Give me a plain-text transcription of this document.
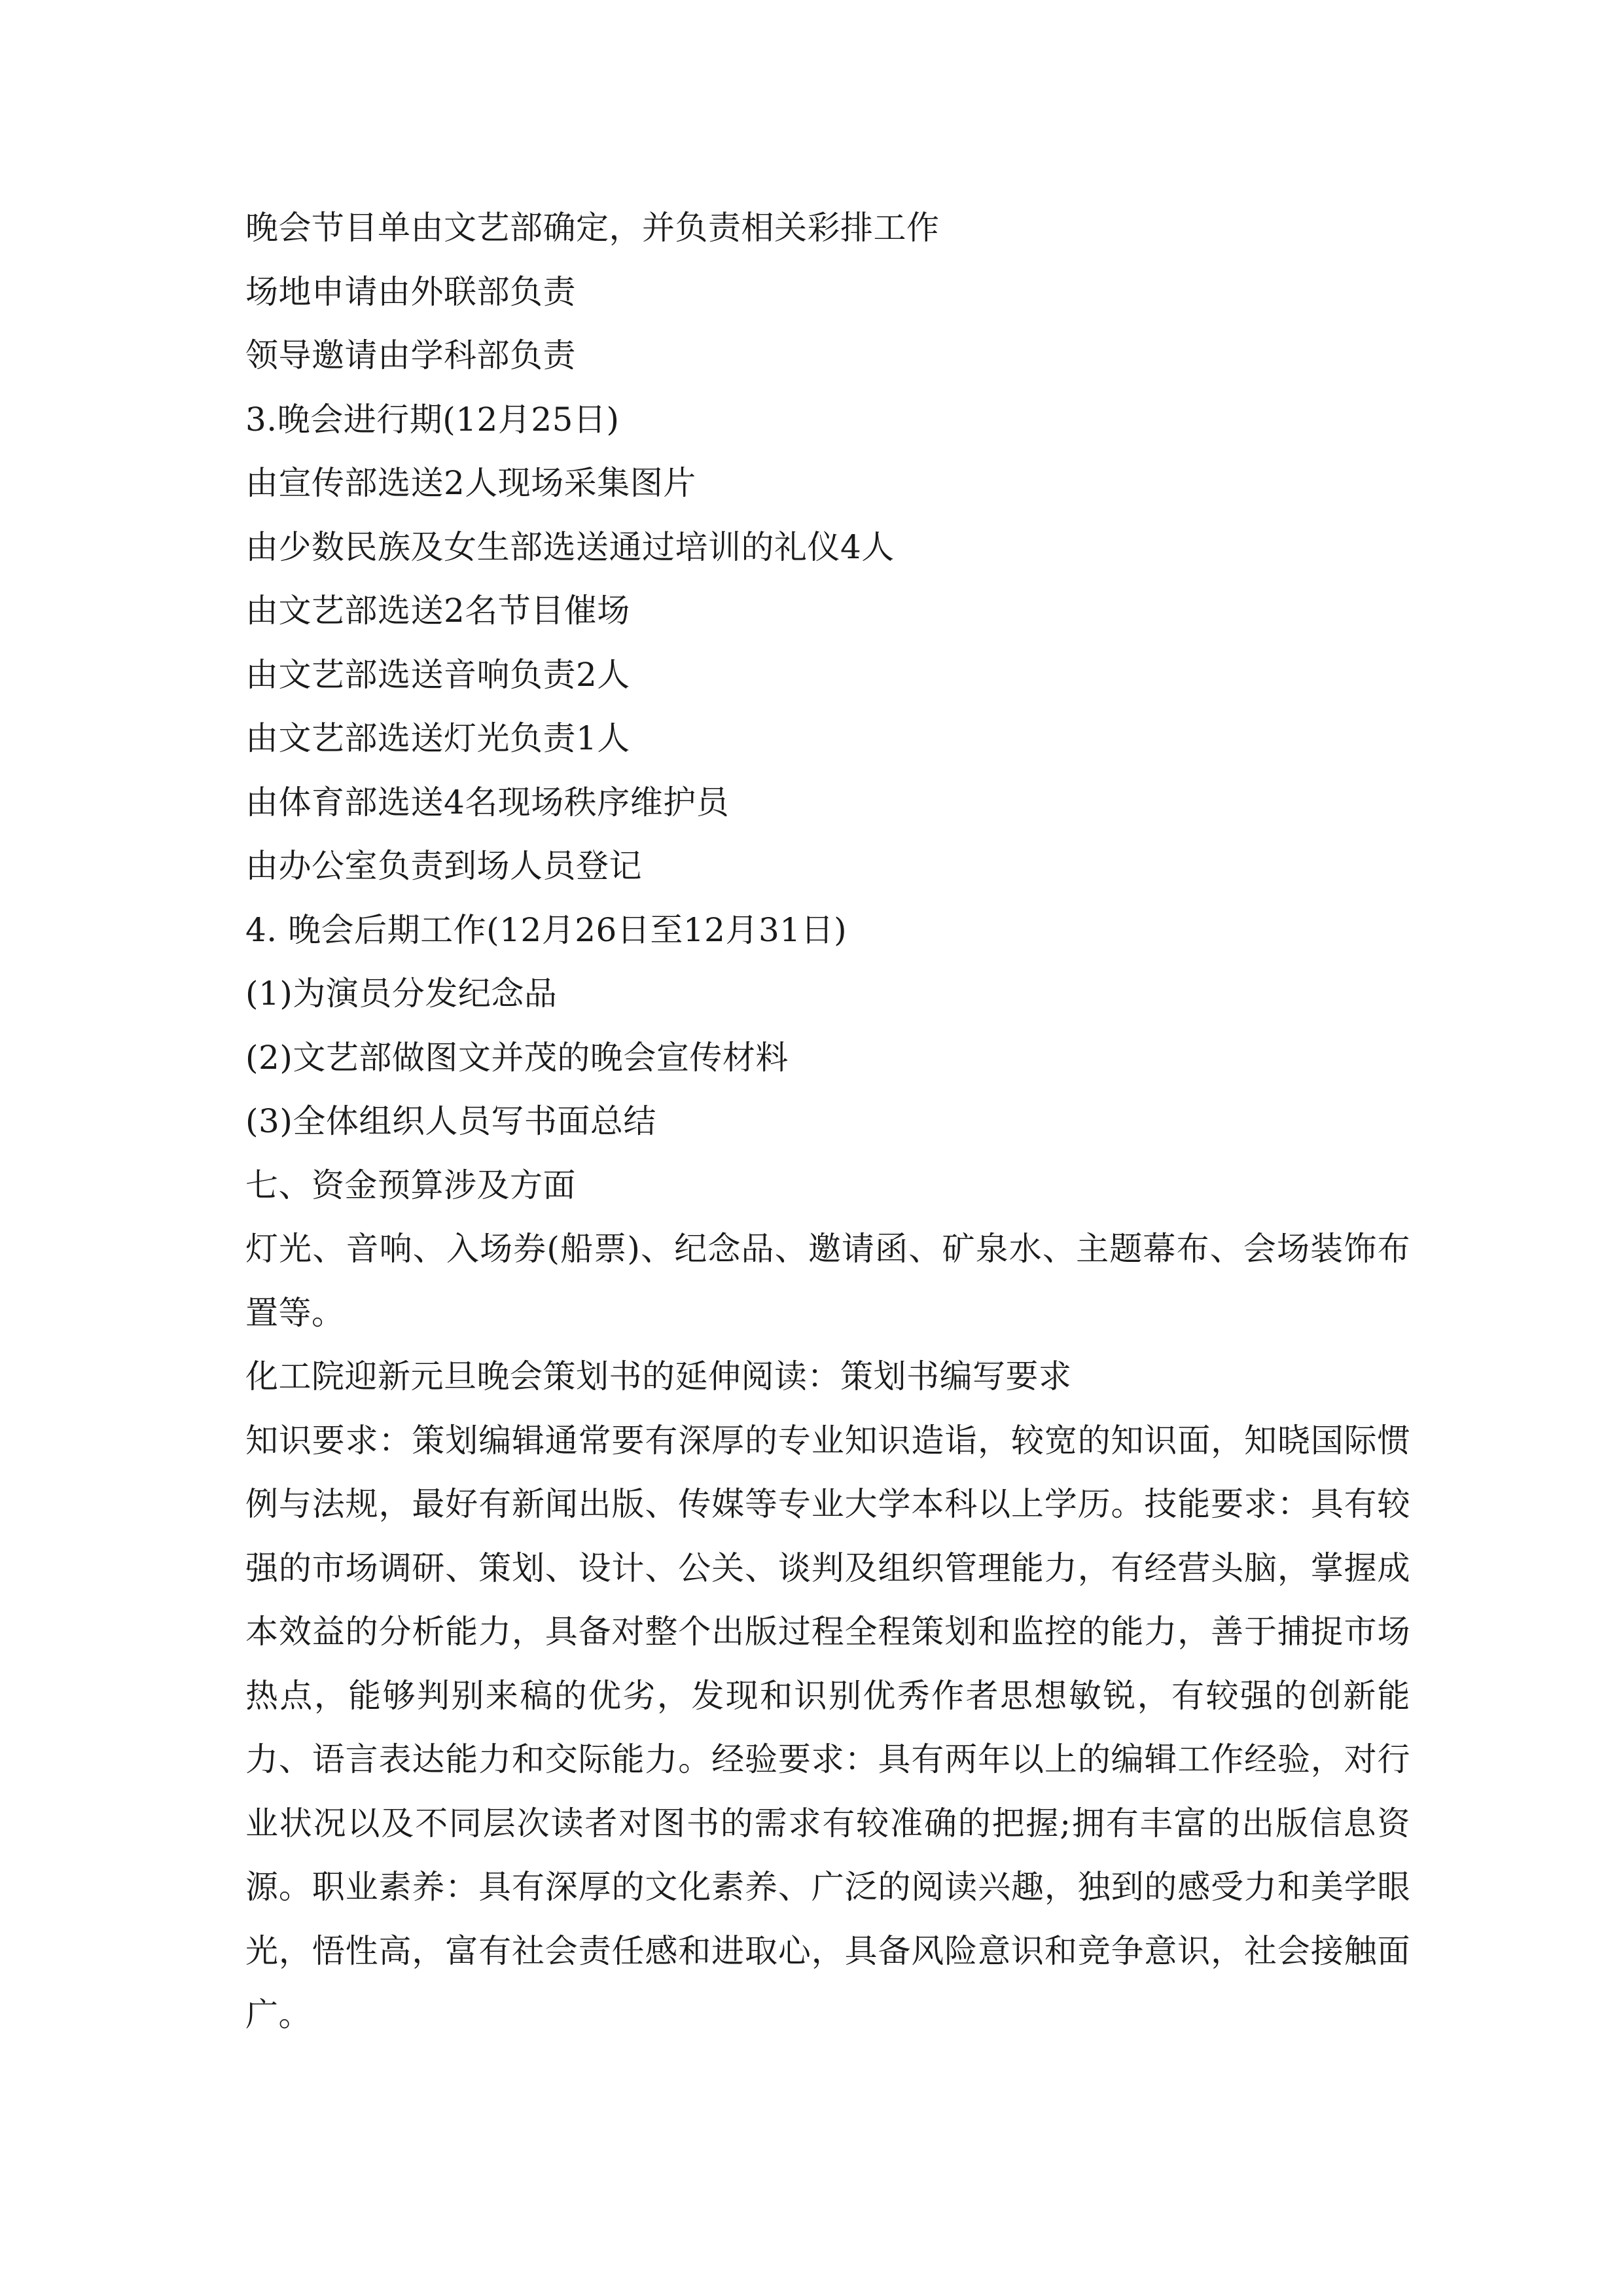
晚会节目单由文艺部确定，并负责相关彩排工作
场地申请由外联部负责
领导邀请由学科部负责
3.晚会进行期(12月25日)
由宣传部选送2人现场采集图片
由少数民族及女生部选送通过培训的礼仪4人
由文艺部选送2名节目催场
由文艺部选送音响负责2人
由文艺部选送灯光负责1人
由体育部选送4名现场秩序维护员
由办公室负责到场人员登记
4. 晚会后期工作(12月26日至12月31日)
(1)为演员分发纪念品
(2)文艺部做图文并茂的晚会宣传材料
(3)全体组织人员写书面总结
七、资金预算涉及方面
灯光、音响、入场券(船票)、纪念品、邀请函、矿泉水、主题幕布、会场装饰布置等。
化工院迎新元旦晚会策划书的延伸阅读：策划书编写要求
知识要求：策划编辑通常要有深厚的专业知识造诣，较宽的知识面，知晓国际惯例与法规，最好有新闻出版、传媒等专业大学本科以上学历。技能要求：具有较强的市场调研、策划、设计、公关、谈判及组织管理能力，有经营头脑，掌握成本效益的分析能力，具备对整个出版过程全程策划和监控的能力，善于捕捉市场热点，能够判别来稿的优劣，发现和识别优秀作者思想敏锐，有较强的创新能力、语言表达能力和交际能力。经验要求：具有两年以上的编辑工作经验，对行业状况以及不同层次读者对图书的需求有较准确的把握;拥有丰富的出版信息资源。职业素养：具有深厚的文化素养、广泛的阅读兴趣，独到的感受力和美学眼光，悟性高，富有社会责任感和进取心，具备风险意识和竞争意识，社会接触面广。
